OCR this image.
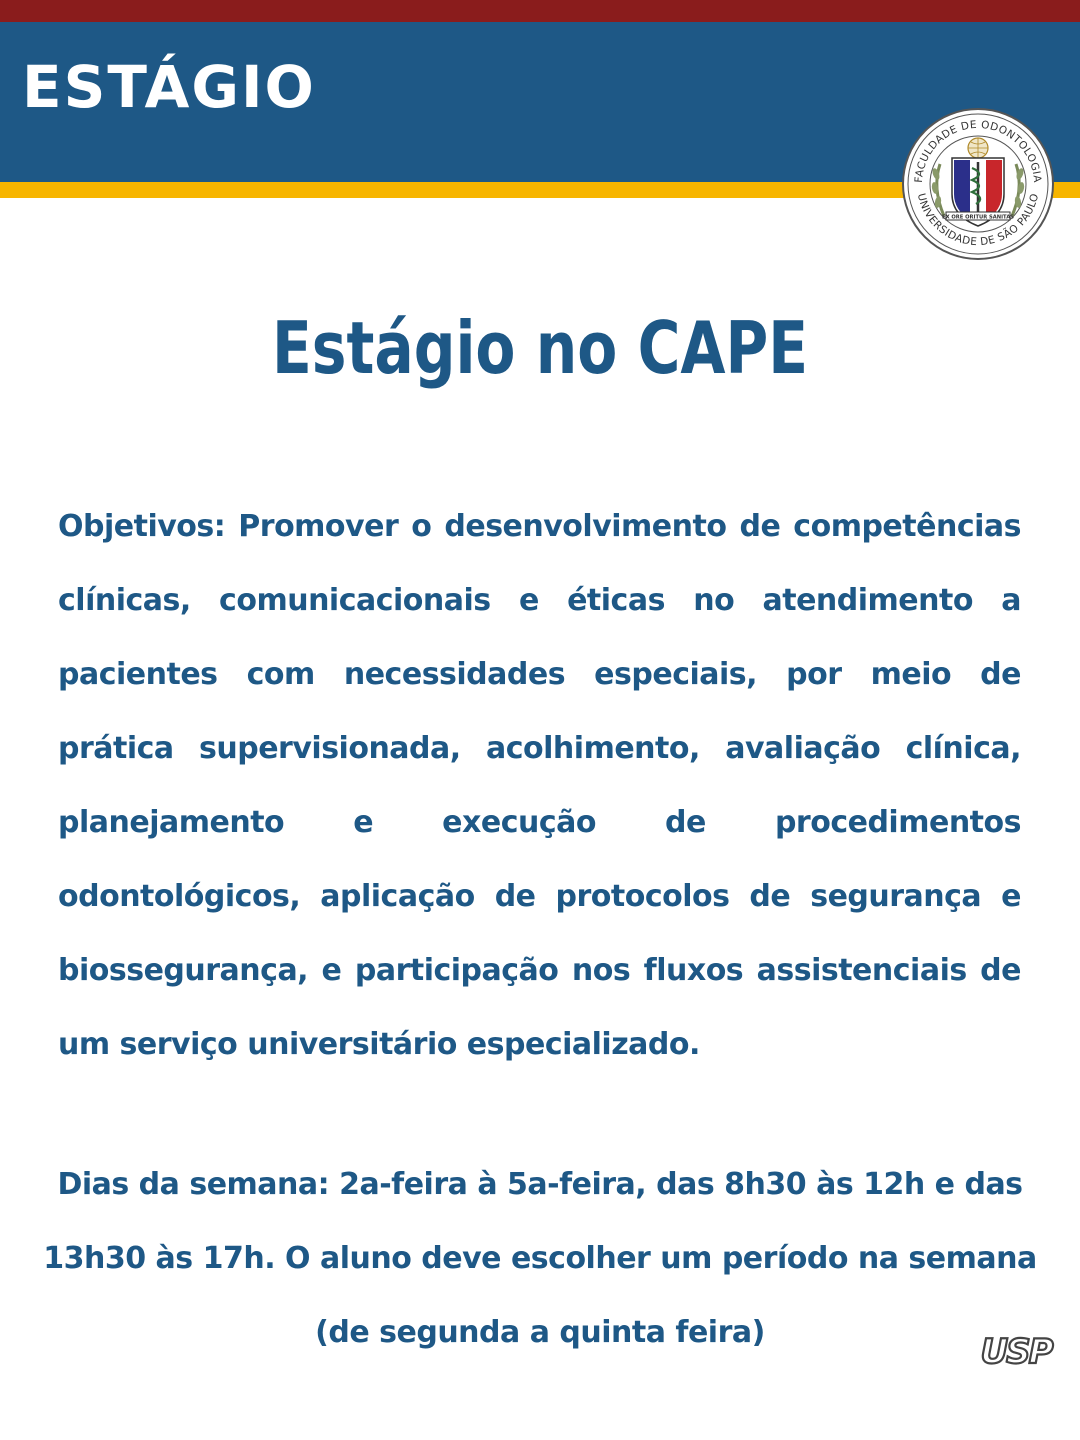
ESTÁGIO
FACULDADE DE ODONTOLOGIA
UNIVERSIDADE DE SÃO PAULO
EX ORE ORITUR SANITAS
Estágio no CAPE

Objetivos: Promover o desenvolvimento de competências clínicas, comunicacionais e éticas no atendimento a pacientes com necessidades especiais, por meio de prática supervisionada, acolhimento, avaliação clínica, planejamento e execução de procedimentos odontológicos, aplicação de protocolos de segurança e biossegurança, e participação nos fluxos assistenciais de um serviço universitário especializado.

Dias da semana: 2a-feira à 5a-feira, das 8h30 às 12h e das 13h30 às 17h. O aluno deve escolher um período na semana (de segunda a quinta feira)	USP
